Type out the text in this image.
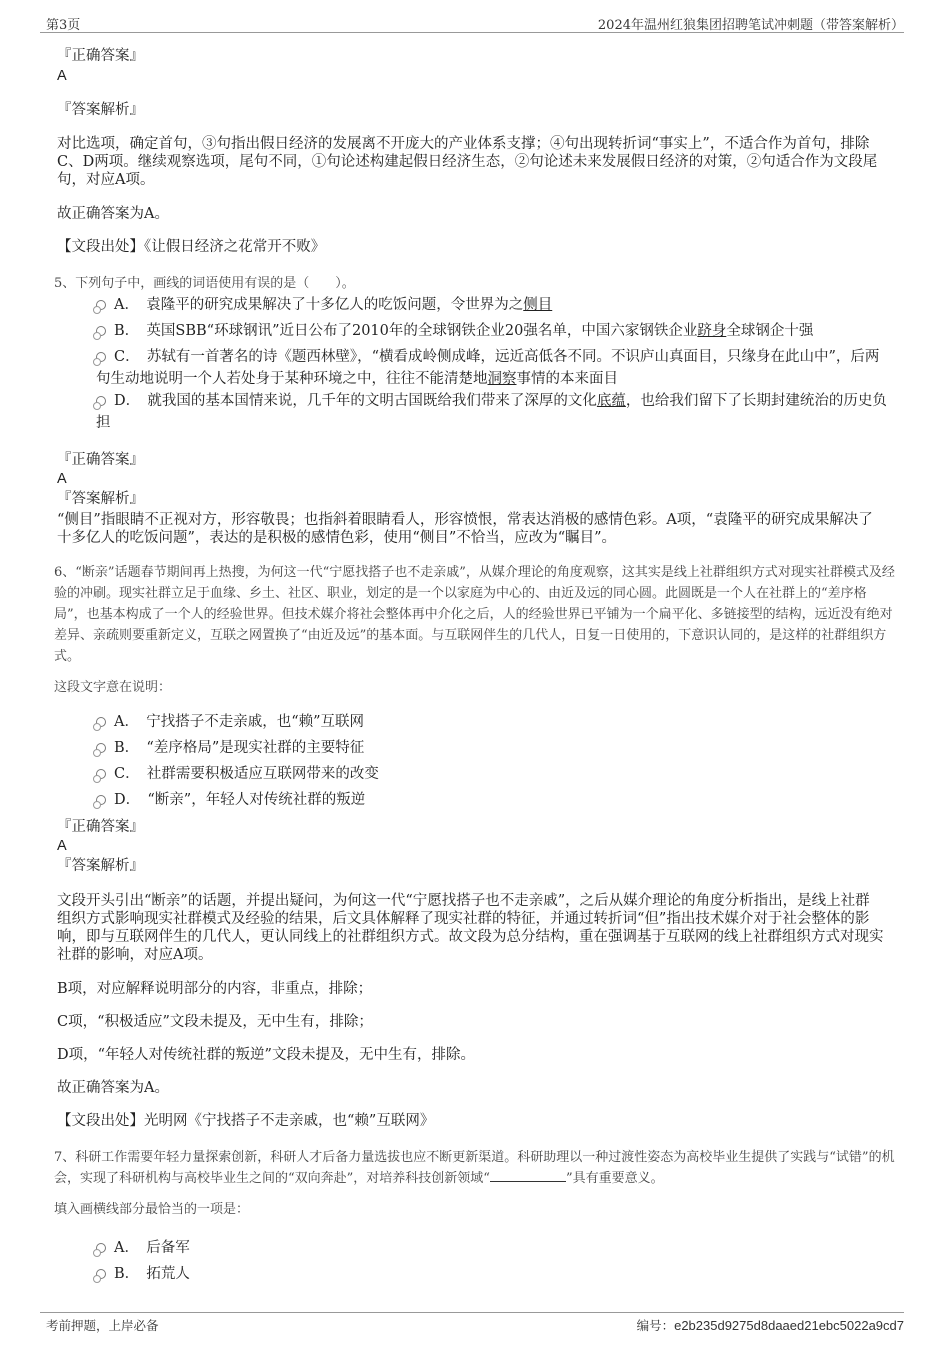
第3页	2024年温州红狼集团招聘笔试冲刺题（带答案解析）
『正确答案』
A
『答案解析』
对比选项，确定首句，③句指出假日经济的发展离不开庞大的产业体系支撑；④句出现转折词“事实上”，不适合作为首句，排除C、D两项。继续观察选项，尾句不同，①句论述构建起假日经济生态，②句论述未来发展假日经济的对策，②句适合作为文段尾句，对应A项。
故正确答案为A。
【文段出处】《让假日经济之花常开不败》
5、下列句子中，画线的词语使用有误的是（　　）。
A．　 袁隆平的研究成果解决了十多亿人的吃饭问题，令世界为之侧目
B．　 英国SBB“环球钢讯”近日公布了2010年的全球钢铁企业20强名单，中国六家钢铁企业跻身全球钢企十强
C．　 苏轼有一首著名的诗《题西林壁》，“横看成岭侧成峰，远近高低各不同。不识庐山真面目，只缘身在此山中”，后两句生动地说明一个人若处身于某种环境之中，往往不能清楚地洞察事情的本来面目
D．　 就我国的基本国情来说，几千年的文明古国既给我们带来了深厚的文化底蕴，也给我们留下了长期封建统治的历史负担
『正确答案』
A
『答案解析』
“侧目”指眼睛不正视对方，形容敬畏；也指斜着眼睛看人，形容愤恨，常表达消极的感情色彩。A项，“袁隆平的研究成果解决了十多亿人的吃饭问题”，表达的是积极的感情色彩，使用“侧目”不恰当，应改为“瞩目”。
6、“断亲”话题春节期间再上热搜，为何这一代“宁愿找搭子也不走亲戚”，从媒介理论的角度观察，这其实是线上社群组织方式对现实社群模式及经验的冲刷。现实社群立足于血缘、乡土、社区、职业，划定的是一个以家庭为中心的、由近及远的同心圆。此圆既是一个人在社群上的“差序格局”，也基本构成了一个人的经验世界。但技术媒介将社会整体再中介化之后，人的经验世界已平铺为一个扁平化、多链接型的结构，远近没有绝对差异、亲疏则要重新定义，互联之网置换了“由近及远”的基本面。与互联网伴生的几代人，日复一日使用的，下意识认同的，是这样的社群组织方式。
这段文字意在说明：
A．　 宁找搭子不走亲戚，也“赖”互联网
B．　 “差序格局”是现实社群的主要特征
C．　 社群需要积极适应互联网带来的改变
D．　 “断亲”，年轻人对传统社群的叛逆
『正确答案』
A
『答案解析』
文段开头引出“断亲”的话题，并提出疑问，为何这一代“宁愿找搭子也不走亲戚”，之后从媒介理论的角度分析指出，是线上社群组织方式影响现实社群模式及经验的结果，后文具体解释了现实社群的特征，并通过转折词“但”指出技术媒介对于社会整体的影响，即与互联网伴生的几代人，更认同线上的社群组织方式。故文段为总分结构，重在强调基于互联网的线上社群组织方式对现实社群的影响，对应A项。
B项，对应解释说明部分的内容，非重点，排除；
C项，“积极适应”文段未提及，无中生有，排除；
D项，“年轻人对传统社群的叛逆”文段未提及，无中生有，排除。
故正确答案为A。
【文段出处】光明网《宁找搭子不走亲戚，也“赖”互联网》
7、科研工作需要年轻力量探索创新，科研人才后备力量选拔也应不断更新渠道。科研助理以一种过渡性姿态为高校毕业生提供了实践与“试错”的机会，实现了科研机构与高校毕业生之间的“双向奔赴”，对培养科技创新领域“	”具有重要意义。
填入画横线部分最恰当的一项是：
A．　 后备军
B．　 拓荒人
考前押题，上岸必备	编号：e2b235d9275d8daaed21ebc5022a9cd7
